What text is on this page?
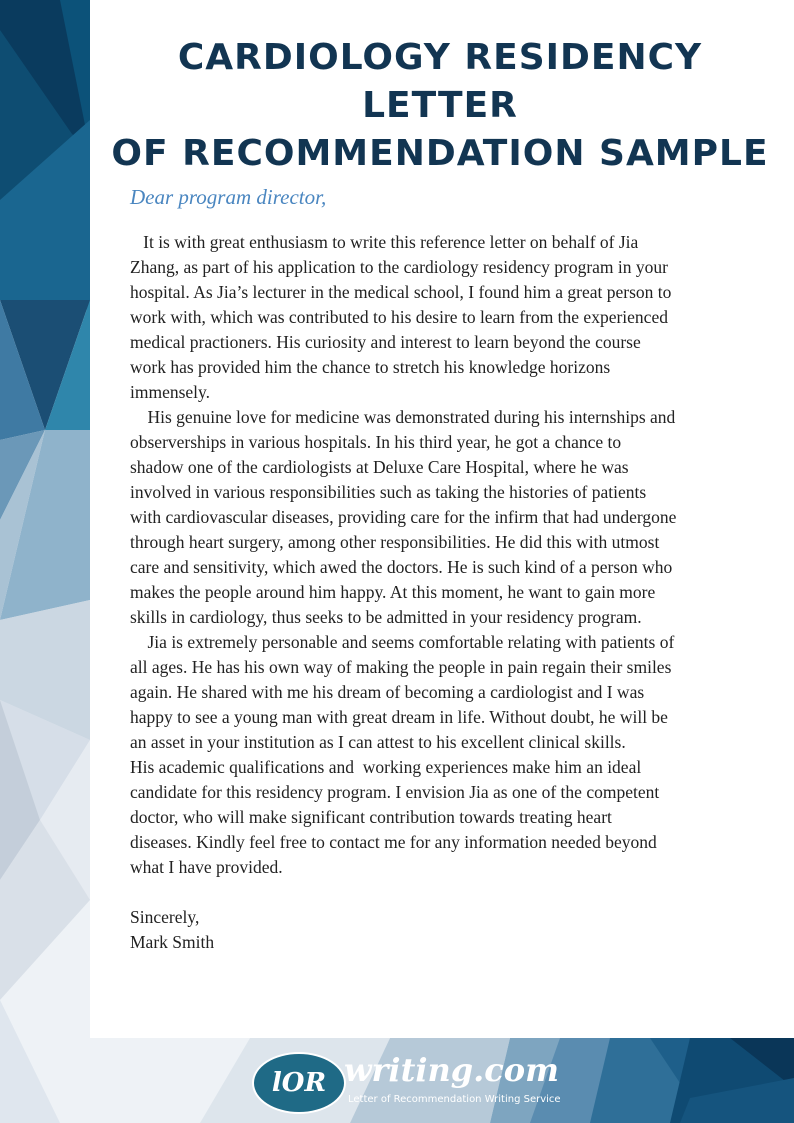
CARDIOLOGY RESIDENCY LETTER
OF RECOMMENDATION SAMPLE

Dear program director,

It is with great enthusiasm to write this reference letter on behalf of Jia
Zhang, as part of his application to the cardiology residency program in your
hospital. As Jia’s lecturer in the medical school, I found him a great person to
work with, which was contributed to his desire to learn from the experienced
medical practioners. His curiosity and interest to learn beyond the course
work has provided him the chance to stretch his knowledge horizons
immensely.

His genuine love for medicine was demonstrated during his internships and
observerships in various hospitals. In his third year, he got a chance to
shadow one of the cardiologists at Deluxe Care Hospital, where he was
involved in various responsibilities such as taking the histories of patients
with cardiovascular diseases, providing care for the infirm that had undergone
through heart surgery, among other responsibilities. He did this with utmost
care and sensitivity, which awed the doctors. He is such kind of a person who
makes the people around him happy. At this moment, he want to gain more
skills in cardiology, thus seeks to be admitted in your residency program.

Jia is extremely personable and seems comfortable relating with patients of
all ages. He has his own way of making the people in pain regain their smiles
again. He shared with me his dream of becoming a cardiologist and I was
happy to see a young man with great dream in life. Without doubt, he will be
an asset in your institution as I can attest to his excellent clinical skills.
His academic qualifications and  working experiences make him an ideal
candidate for this residency program. I envision Jia as one of the competent
doctor, who will make significant contribution towards treating heart
diseases. Kindly feel free to contact me for any information needed beyond
what I have provided.

Sincerely,

Mark Smith

lOR writing.com
Letter of Recommendation Writing Service
